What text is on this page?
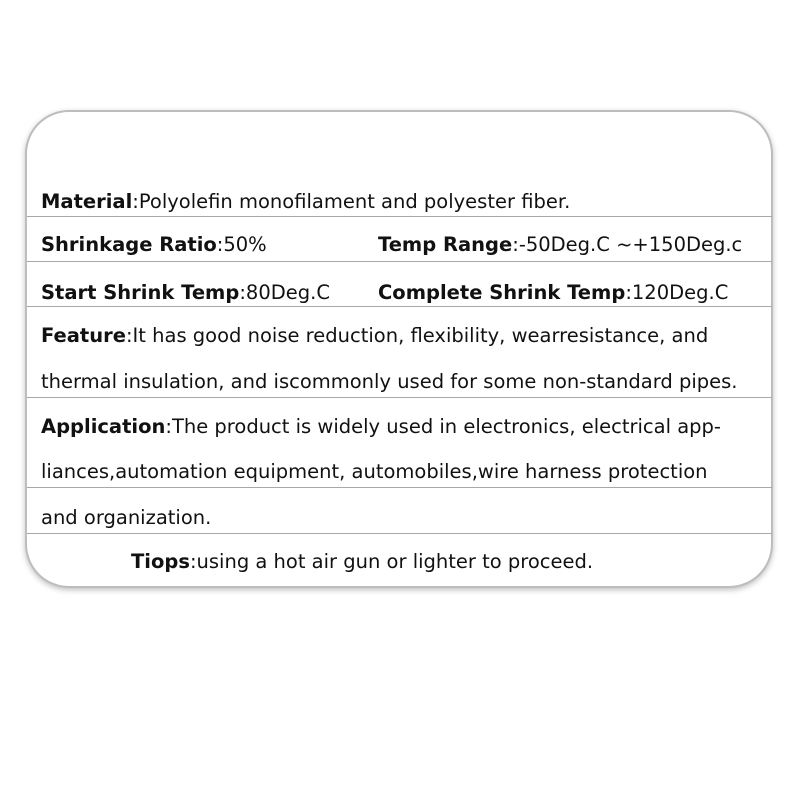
Material:Polyolefin monofilament and polyester fiber.
Shrinkage Ratio:50%	Temp Range:-50Deg.C ~+150Deg.c
Start Shrink Temp:80Deg.C Complete Shrink Temp:120Deg.C
Feature:It has good noise reduction, flexibility, wearresistance, and
thermal insulation, and iscommonly used for some non-standard pipes.
Application:The product is widely used in electronics, electrical app-
liances,automation equipment, automobiles,wire harness protection
and organization.
Tiops:using a hot air gun or lighter to proceed.
